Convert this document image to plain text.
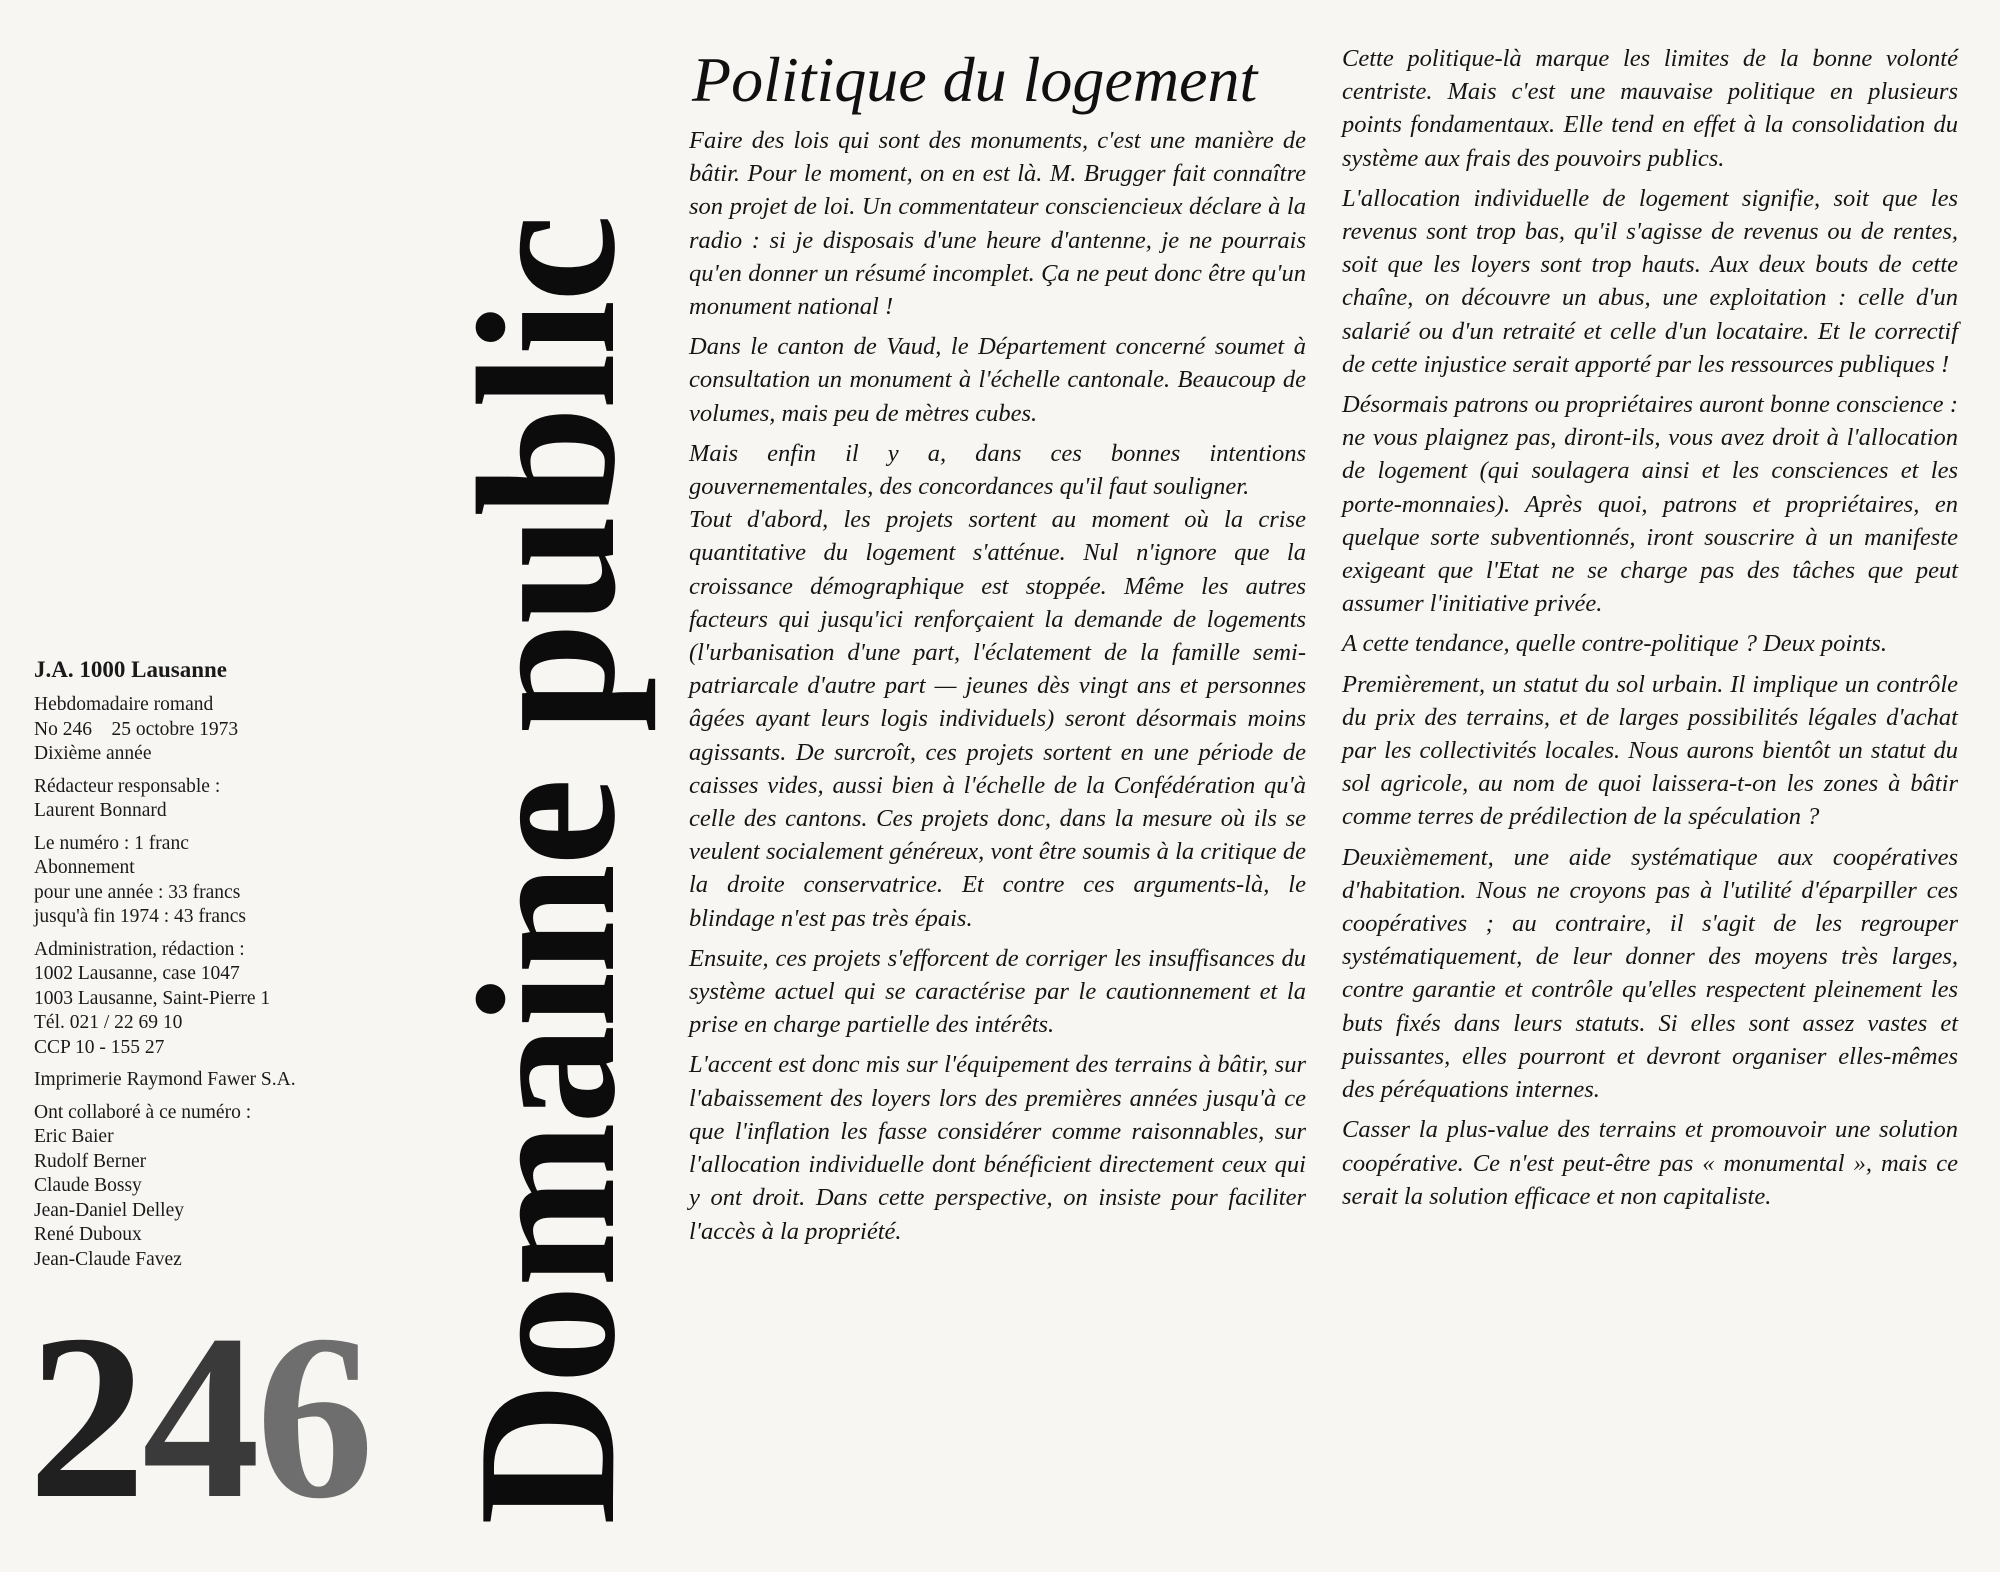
J.A. 1000 Lausanne
Hebdomadaire romand
No 246    25 octobre 1973
Dixième année
Rédacteur responsable :
Laurent Bonnard
Le numéro : 1 franc
Abonnement
pour une année : 33 francs
jusqu'à fin 1974 : 43 francs
Administration, rédaction :
1002 Lausanne, case 1047
1003 Lausanne, Saint-Pierre 1
Tél. 021 / 22 69 10
CCP 10 - 155 27
Imprimerie Raymond Fawer S.A.
Ont collaboré à ce numéro :
Eric Baier
Rudolf Berner
Claude Bossy
Jean-Daniel Delley
René Duboux
Jean-Claude Favez
246 Domaine public
Politique du logement

Faire des lois qui sont des monuments, c'est une manière de bâtir. Pour le moment, on en est là. M. Brugger fait connaître son projet de loi. Un commentateur consciencieux déclare à la radio : si je disposais d'une heure d'antenne, je ne pourrais qu'en donner un résumé incomplet. Ça ne peut donc être qu'un monument national !

Dans le canton de Vaud, le Département concerné soumet à consultation un monument à l'échelle cantonale. Beaucoup de volumes, mais peu de mètres cubes.

Mais enfin il y a, dans ces bonnes intentions gouvernementales, des concordances qu'il faut souligner.

Tout d'abord, les projets sortent au moment où la crise quantitative du logement s'atténue. Nul n'ignore que la croissance démographique est stoppée. Même les autres facteurs qui jusqu'ici renforçaient la demande de logements (l'urbanisation d'une part, l'éclatement de la famille semi-patriarcale d'autre part — jeunes dès vingt ans et personnes âgées ayant leurs logis individuels) seront désormais moins agissants. De surcroît, ces projets sortent en une période de caisses vides, aussi bien à l'échelle de la Confédération qu'à celle des cantons. Ces projets donc, dans la mesure où ils se veulent socialement généreux, vont être soumis à la critique de la droite conservatrice. Et contre ces arguments-là, le blindage n'est pas très épais.

Ensuite, ces projets s'efforcent de corriger les insuffisances du système actuel qui se caractérise par le cautionnement et la prise en charge partielle des intérêts.

L'accent est donc mis sur l'équipement des terrains à bâtir, sur l'abaissement des loyers lors des premières années jusqu'à ce que l'inflation les fasse considérer comme raisonnables, sur l'allocation individuelle dont bénéficient directement ceux qui y ont droit. Dans cette perspective, on insiste pour faciliter l'accès à la propriété.

Cette politique-là marque les limites de la bonne volonté centriste. Mais c'est une mauvaise politique en plusieurs points fondamentaux. Elle tend en effet à la consolidation du système aux frais des pouvoirs publics.

L'allocation individuelle de logement signifie, soit que les revenus sont trop bas, qu'il s'agisse de revenus ou de rentes, soit que les loyers sont trop hauts. Aux deux bouts de cette chaîne, on découvre un abus, une exploitation : celle d'un salarié ou d'un retraité et celle d'un locataire. Et le correctif de cette injustice serait apporté par les ressources publiques !

Désormais patrons ou propriétaires auront bonne conscience : ne vous plaignez pas, diront-ils, vous avez droit à l'allocation de logement (qui soulagera ainsi et les consciences et les porte-monnaies). Après quoi, patrons et propriétaires, en quelque sorte subventionnés, iront souscrire à un manifeste exigeant que l'Etat ne se charge pas des tâches que peut assumer l'initiative privée.

A cette tendance, quelle contre-politique ? Deux points.

Premièrement, un statut du sol urbain. Il implique un contrôle du prix des terrains, et de larges possibilités légales d'achat par les collectivités locales. Nous aurons bientôt un statut du sol agricole, au nom de quoi laissera-t-on les zones à bâtir comme terres de prédilection de la spéculation ?

Deuxièmement, une aide systématique aux coopératives d'habitation. Nous ne croyons pas à l'utilité d'éparpiller ces coopératives ; au contraire, il s'agit de les regrouper systématiquement, de leur donner des moyens très larges, contre garantie et contrôle qu'elles respectent pleinement les buts fixés dans leurs statuts. Si elles sont assez vastes et puissantes, elles pourront et devront organiser elles-mêmes des péréquations internes.

Casser la plus-value des terrains et promouvoir une solution coopérative. Ce n'est peut-être pas « monumental », mais ce serait la solution efficace et non capitaliste.
